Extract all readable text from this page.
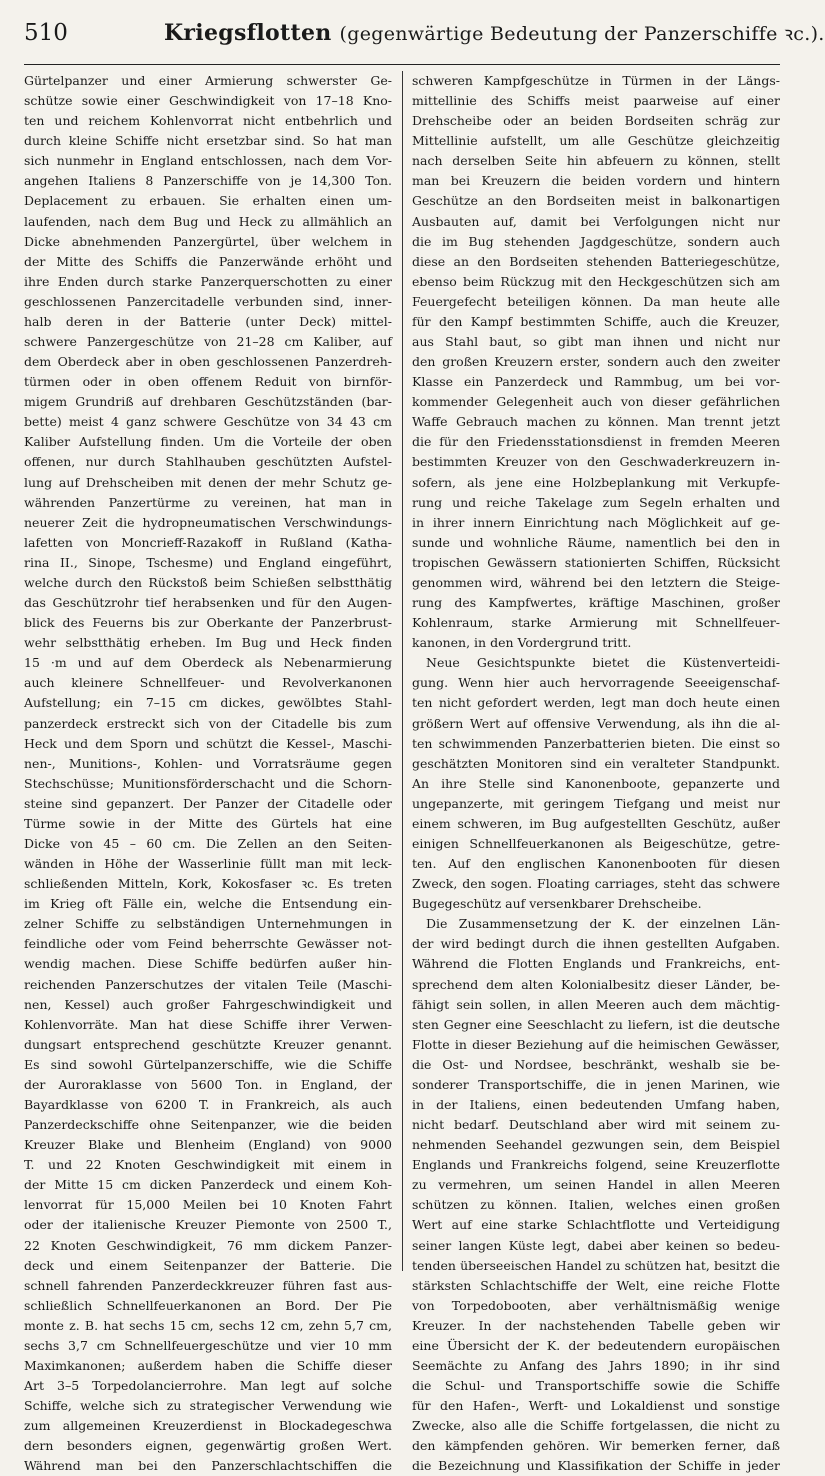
510	Kriegsflotten (gegenwärtige Bedeutung der Panzerschiffe ꝛc.).
Gürtelpanzer und einer Armierung schwerster Ge-
schütze sowie einer Geschwindigkeit von 17–18 Kno-
ten und reichem Kohlenvorrat nicht entbehrlich und
durch kleine Schiffe nicht ersetzbar sind. So hat man
sich nunmehr in England entschlossen, nach dem Vor-
angehen Italiens 8 Panzerschiffe von je 14,300 Ton.
Deplacement zu erbauen. Sie erhalten einen um-
laufenden, nach dem Bug und Heck zu allmählich an
Dicke abnehmenden Panzergürtel, über welchem in
der Mitte des Schiffs die Panzerwände erhöht und
ihre Enden durch starke Panzerquerschotten zu einer
geschlossenen Panzercitadelle verbunden sind, inner-
halb deren in der Batterie (unter Deck) mittel-
schwere Panzergeschütze von 21–28 cm Kaliber, auf
dem Oberdeck aber in oben geschlossenen Panzerdreh-
türmen oder in oben offenem Reduit von birnför-
migem Grundriß auf drehbaren Geschützständen (bar-
bette) meist 4 ganz schwere Geschütze von 34 43 cm
Kaliber Aufstellung finden. Um die Vorteile der oben
offenen, nur durch Stahlhauben geschützten Aufstel-
lung auf Drehscheiben mit denen der mehr Schutz ge-
währenden Panzertürme zu vereinen, hat man in
neuerer Zeit die hydropneumatischen Verschwindungs-
lafetten von Moncrieff-Razakoff in Rußland (Katha-
rina II., Sinope, Tschesme) und England eingeführt,
welche durch den Rückstoß beim Schießen selbstthätig
das Geschützrohr tief herabsenken und für den Augen-
blick des Feuerns bis zur Oberkante der Panzerbrust-
wehr selbstthätig erheben. Im Bug und Heck finden
15 ·m und auf dem Oberdeck als Nebenarmierung
auch kleinere Schnellfeuer- und Revolverkanonen
Aufstellung; ein 7–15 cm dickes, gewölbtes Stahl-
panzerdeck erstreckt sich von der Citadelle bis zum
Heck und dem Sporn und schützt die Kessel-, Maschi-
nen-, Munitions-, Kohlen- und Vorratsräume gegen
Stechschüsse; Munitionsförderschacht und die Schorn-
steine sind gepanzert. Der Panzer der Citadelle oder
Türme sowie in der Mitte des Gürtels hat eine
Dicke von 45 – 60 cm. Die Zellen an den Seiten-
wänden in Höhe der Wasserlinie füllt man mit leck-
schließenden Mitteln, Kork, Kokosfaser ꝛc. Es treten
im Krieg oft Fälle ein, welche die Entsendung ein-
zelner Schiffe zu selbständigen Unternehmungen in
feindliche oder vom Feind beherrschte Gewässer not-
wendig machen. Diese Schiffe bedürfen außer hin-
reichenden Panzerschutzes der vitalen Teile (Maschi-
nen, Kessel) auch großer Fahrgeschwindigkeit und
Kohlenvorräte. Man hat diese Schiffe ihrer Verwen-
dungsart entsprechend geschützte Kreuzer genannt.
Es sind sowohl Gürtelpanzerschiffe, wie die Schiffe
der Auroraklasse von 5600 Ton. in England, der
Bayardklasse von 6200 T. in Frankreich, als auch
Panzerdeckschiffe ohne Seitenpanzer, wie die beiden
Kreuzer Blake und Blenheim (England) von 9000
T. und 22 Knoten Geschwindigkeit mit einem in
der Mitte 15 cm dicken Panzerdeck und einem Koh-
lenvorrat für 15,000 Meilen bei 10 Knoten Fahrt
oder der italienische Kreuzer Piemonte von 2500 T.,
22 Knoten Geschwindigkeit, 76 mm dickem Panzer-
deck und einem Seitenpanzer der Batterie. Die
schnell fahrenden Panzerdeckkreuzer führen fast aus-
schließlich Schnellfeuerkanonen an Bord. Der Pie
monte z. B. hat sechs 15 cm, sechs 12 cm, zehn 5,7 cm,
sechs 3,7 cm Schnellfeuergeschütze und vier 10 mm
Maximkanonen; außerdem haben die Schiffe dieser
Art 3–5 Torpedolancierrohre. Man legt auf solche
Schiffe, welche sich zu strategischer Verwendung wie
zum allgemeinen Kreuzerdienst in Blockadegeschwa
dern besonders eignen, gegenwärtig großen Wert.
Während man bei den Panzerschlachtschiffen die
schweren Kampfgeschütze in Türmen in der Längs-
mittellinie des Schiffs meist paarweise auf einer
Drehscheibe oder an beiden Bordseiten schräg zur
Mittellinie aufstellt, um alle Geschütze gleichzeitig
nach derselben Seite hin abfeuern zu können, stellt
man bei Kreuzern die beiden vordern und hintern
Geschütze an den Bordseiten meist in balkonartigen
Ausbauten auf, damit bei Verfolgungen nicht nur
die im Bug stehenden Jagdgeschütze, sondern auch
diese an den Bordseiten stehenden Batteriegeschütze,
ebenso beim Rückzug mit den Heckgeschützen sich am
Feuergefecht beteiligen können. Da man heute alle
für den Kampf bestimmten Schiffe, auch die Kreuzer,
aus Stahl baut, so gibt man ihnen und nicht nur
den großen Kreuzern erster, sondern auch den zweiter
Klasse ein Panzerdeck und Rammbug, um bei vor-
kommender Gelegenheit auch von dieser gefährlichen
Waffe Gebrauch machen zu können. Man trennt jetzt
die für den Friedensstationsdienst in fremden Meeren
bestimmten Kreuzer von den Geschwaderkreuzern in-
sofern, als jene eine Holzbeplankung mit Verkupfe-
rung und reiche Takelage zum Segeln erhalten und
in ihrer innern Einrichtung nach Möglichkeit auf ge-
sunde und wohnliche Räume, namentlich bei den in
tropischen Gewässern stationierten Schiffen, Rücksicht
genommen wird, während bei den letztern die Steige-
rung des Kampfwertes, kräftige Maschinen, großer
Kohlenraum, starke Armierung mit Schnellfeuer-
kanonen, in den Vordergrund tritt.
Neue Gesichtspunkte bietet die Küstenverteidi-
gung. Wenn hier auch hervorragende Seeeigenschaf-
ten nicht gefordert werden, legt man doch heute einen
größern Wert auf offensive Verwendung, als ihn die al-
ten schwimmenden Panzerbatterien bieten. Die einst so
geschätzten Monitoren sind ein veralteter Standpunkt.
An ihre Stelle sind Kanonenboote, gepanzerte und
ungepanzerte, mit geringem Tiefgang und meist nur
einem schweren, im Bug aufgestellten Geschütz, außer
einigen Schnellfeuerkanonen als Beigeschütze, getre-
ten. Auf den englischen Kanonenbooten für diesen
Zweck, den sogen. Floating carriages, steht das schwere
Bugegeschütz auf versenkbarer Drehscheibe.
Die Zusammensetzung der K. der einzelnen Län-
der wird bedingt durch die ihnen gestellten Aufgaben.
Während die Flotten Englands und Frankreichs, ent-
sprechend dem alten Kolonialbesitz dieser Länder, be-
fähigt sein sollen, in allen Meeren auch dem mächtig-
sten Gegner eine Seeschlacht zu liefern, ist die deutsche
Flotte in dieser Beziehung auf die heimischen Gewässer,
die Ost- und Nordsee, beschränkt, weshalb sie be-
sonderer Transportschiffe, die in jenen Marinen, wie
in der Italiens, einen bedeutenden Umfang haben,
nicht bedarf. Deutschland aber wird mit seinem zu-
nehmenden Seehandel gezwungen sein, dem Beispiel
Englands und Frankreichs folgend, seine Kreuzerflotte
zu vermehren, um seinen Handel in allen Meeren
schützen zu können. Italien, welches einen großen
Wert auf eine starke Schlachtflotte und Verteidigung
seiner langen Küste legt, dabei aber keinen so bedeu-
tenden überseeischen Handel zu schützen hat, besitzt die
stärksten Schlachtschiffe der Welt, eine reiche Flotte
von Torpedobooten, aber verhältnismäßig wenige
Kreuzer. In der nachstehenden Tabelle geben wir
eine Übersicht der K. der bedeutendern europäischen
Seemächte zu Anfang des Jahrs 1890; in ihr sind
die Schul- und Transportschiffe sowie die Schiffe
für den Hafen-, Werft- und Lokaldienst und sonstige
Zwecke, also alle die Schiffe fortgelassen, die nicht zu
den kämpfenden gehören. Wir bemerken ferner, daß
die Bezeichnung und Klassifikation der Schiffe in jeder
